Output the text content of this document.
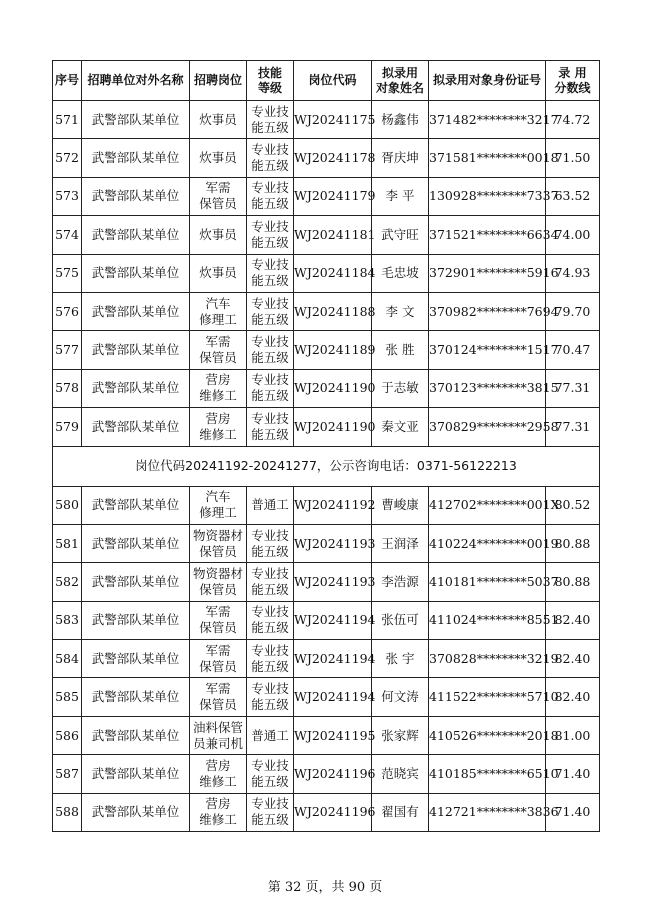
序号	招聘单位对外名称	招聘岗位	技能
等级	岗位代码	拟录用
对象姓名	拟录用对象身份证号	录 用
分数线
571	武警部队某单位	炊事员	专业技
能五级	WJ20241175	杨鑫伟	371482********3217	74.72
572	武警部队某单位	炊事员	专业技
能五级	WJ20241178	胥庆坤	371581********0018	71.50
573	武警部队某单位	军需
保管员	专业技
能五级	WJ20241179	李 平	130928********7337	63.52
574	武警部队某单位	炊事员	专业技
能五级	WJ20241181	武守旺	371521********6634	74.00
575	武警部队某单位	炊事员	专业技
能五级	WJ20241184	毛忠坡	372901********5916	74.93
576	武警部队某单位	汽车
修理工	专业技
能五级	WJ20241188	李 文	370982********7694	79.70
577	武警部队某单位	军需
保管员	专业技
能五级	WJ20241189	张 胜	370124********1517	70.47
578	武警部队某单位	营房
维修工	专业技
能五级	WJ20241190	于志敏	370123********3815	77.31
579	武警部队某单位	营房
维修工	专业技
能五级	WJ20241190	秦文亚	370829********2958	77.31
岗位代码20241192-20241277，公示咨询电话：0371-56122213							
580	武警部队某单位	汽车
修理工	普通工	WJ20241192	曹峻康	412702********001X	80.52
581	武警部队某单位	物资器材
保管员	专业技
能五级	WJ20241193	王润泽	410224********0019	80.88
582	武警部队某单位	物资器材
保管员	专业技
能五级	WJ20241193	李浩源	410181********5037	80.88
583	武警部队某单位	军需
保管员	专业技
能五级	WJ20241194	张伍可	411024********8551	82.40
584	武警部队某单位	军需
保管员	专业技
能五级	WJ20241194	张 宇	370828********3219	82.40
585	武警部队某单位	军需
保管员	专业技
能五级	WJ20241194	何文涛	411522********5710	82.40
586	武警部队某单位	油料保管
员兼司机	普通工	WJ20241195	张家辉	410526********2018	81.00
587	武警部队某单位	营房
维修工	专业技
能五级	WJ20241196	范晓宾	410185********6510	71.40
588	武警部队某单位	营房
维修工	专业技
能五级	WJ20241196	翟国有	412721********3836	71.40
第 32 页，共 90 页
